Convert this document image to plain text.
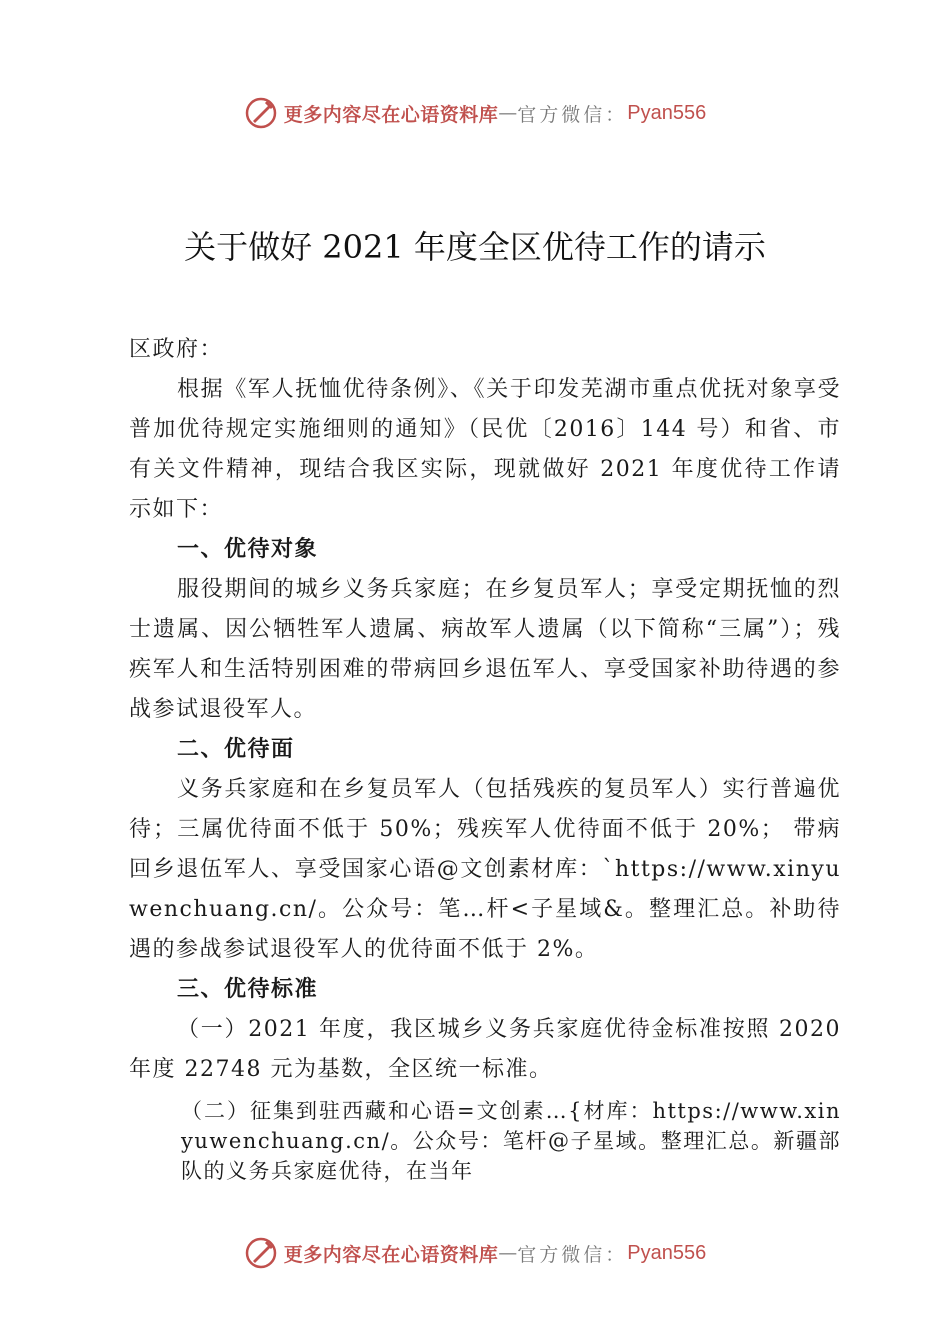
更多内容尽在心语资料库 — 官方微信： Pyan556
关于做好 2021 年度全区优待工作的请示

区政府：

根据《军人抚恤优待条例》、《关于印发芜湖市重点优抚对象享受普加优待规定实施细则的通知》（民优〔2016〕144 号）和省、市有关文件精神，现结合我区实际，现就做好 2021 年度优待工作请示如下：

一、优待对象

服役期间的城乡义务兵家庭；在乡复员军人；享受定期抚恤的烈士遗属、因公牺牲军人遗属、病故军人遗属（以下简称“三属”）；残疾军人和生活特别困难的带病回乡退伍军人、享受国家补助待遇的参战参试退役军人。

二、优待面

义务兵家庭和在乡复员军人（包括残疾的复员军人）实行普遍优待；三属优待面不低于 50%；残疾军人优待面不低于 20%； 带病回乡退伍军人、享受国家心语@文创素材库：`https://www.xinyuwenchuang.cn/。公众号：笔…杆<子星域&。整理汇总。补助待遇的参战参试退役军人的优待面不低于 2%。

三、优待标准

（一）2021 年度，我区城乡义务兵家庭优待金标准按照 2020 年度 22748 元为基数，全区统一标准。

（二）征集到驻西藏和心语=文创素…{材库：https://www.xinyuwenchuang.cn/。公众号：笔杆@子星域。整理汇总。新疆部队的义务兵家庭优待，在当年

更多内容尽在心语资料库 — 官方微信： Pyan556
